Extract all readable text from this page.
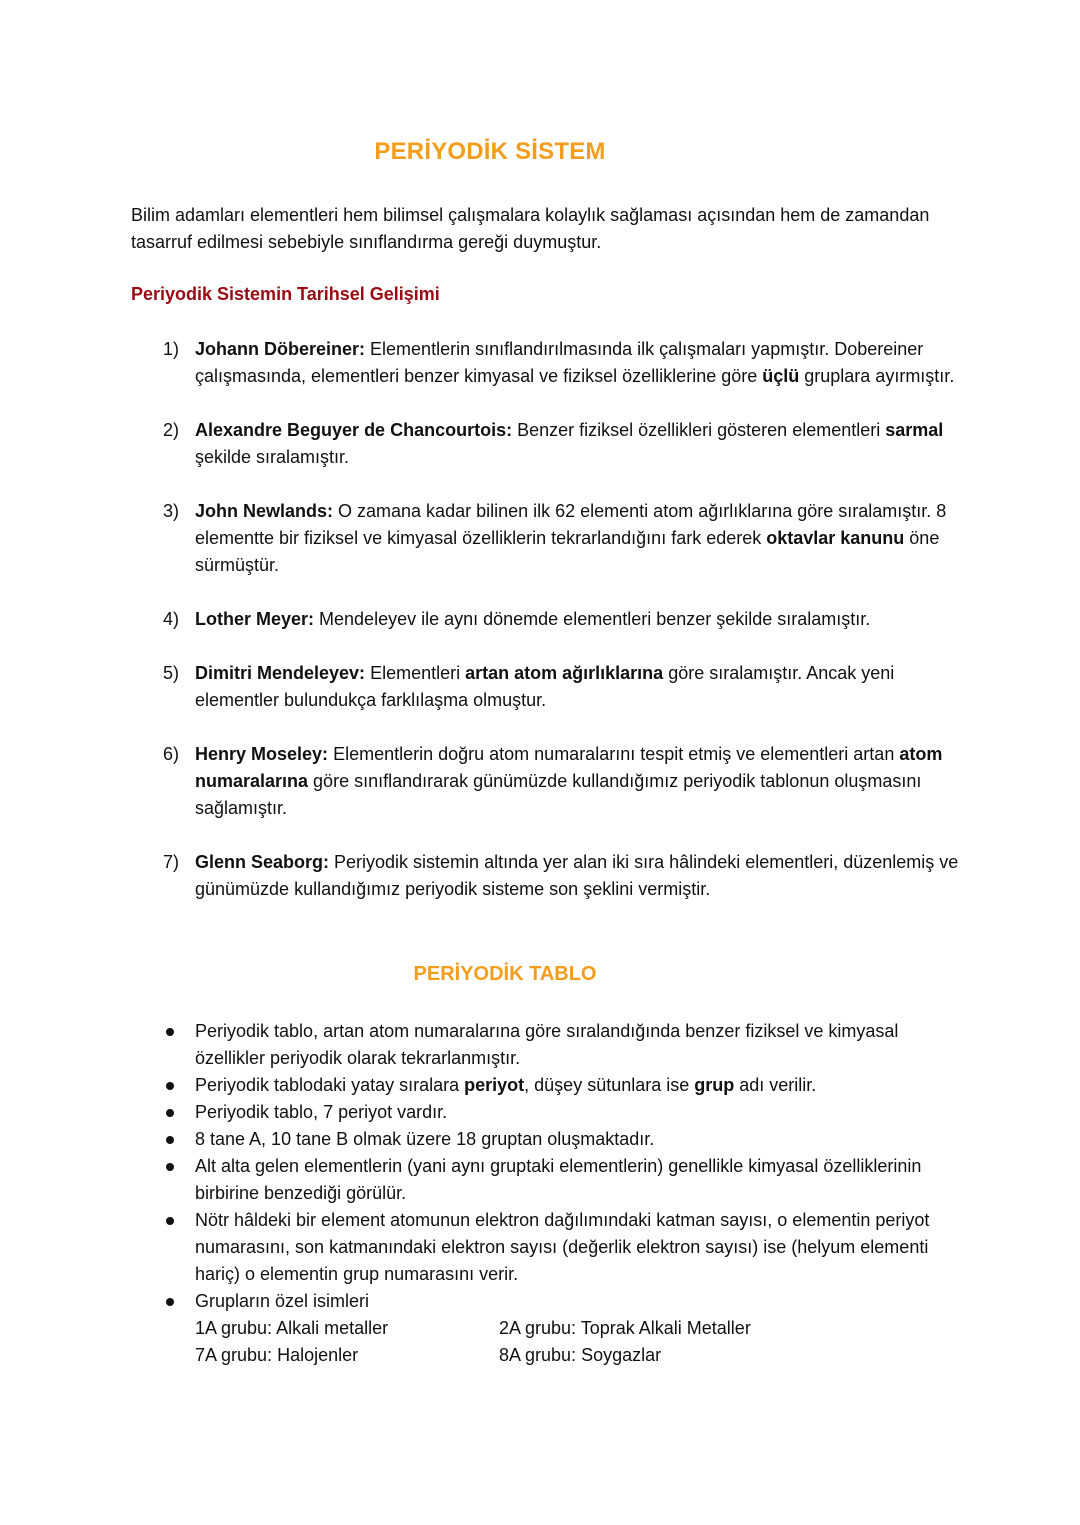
PERİYODİK SİSTEM

Bilim adamları elementleri hem bilimsel çalışmalara kolaylık sağlaması açısından hem de zamandan tasarruf edilmesi sebebiyle sınıflandırma gereği duymuştur.

Periyodik Sistemin Tarihsel Gelişimi
1) Johann Döbereiner: Elementlerin sınıflandırılmasında ilk çalışmaları yapmıştır. Dobereiner çalışmasında, elementleri benzer kimyasal ve fiziksel özelliklerine göre üçlü gruplara ayırmıştır.
2) Alexandre Beguyer de Chancourtois: Benzer fiziksel özellikleri gösteren elementleri sarmal şekilde sıralamıştır.
3) John Newlands: O zamana kadar bilinen ilk 62 elementi atom ağırlıklarına göre sıralamıştır. 8 elementte bir fiziksel ve kimyasal özelliklerin tekrarlandığını fark ederek oktavlar kanunu öne sürmüştür.
4) Lother Meyer: Mendeleyev ile aynı dönemde elementleri benzer şekilde sıralamıştır.
5) Dimitri Mendeleyev: Elementleri artan atom ağırlıklarına göre sıralamıştır. Ancak yeni elementler bulundukça farklılaşma olmuştur.
6) Henry Moseley: Elementlerin doğru atom numaralarını tespit etmiş ve elementleri artan atom numaralarına göre sınıflandırarak günümüzde kullandığımız periyodik tablonun oluşmasını sağlamıştır.
7) Glenn Seaborg: Periyodik sistemin altında yer alan iki sıra hâlindeki elementleri, düzenlemiş ve günümüzde kullandığımız periyodik sisteme son şeklini vermiştir.
PERİYODİK TABLO
Periyodik tablo, artan atom numaralarına göre sıralandığında benzer fiziksel ve kimyasal özellikler periyodik olarak tekrarlanmıştır.
Periyodik tablodaki yatay sıralara periyot, düşey sütunlara ise grup adı verilir.
Periyodik tablo, 7 periyot vardır.
8 tane A, 10 tane B olmak üzere 18 gruptan oluşmaktadır.
Alt alta gelen elementlerin (yani aynı gruptaki elementlerin) genellikle kimyasal özelliklerinin birbirine benzediği görülür.
Nötr hâldeki bir element atomunun elektron dağılımındaki katman sayısı, o elementin periyot numarasını, son katmanındaki elektron sayısı (değerlik elektron sayısı) ise (helyum elementi hariç) o elementin grup numarasını verir.
Grupların özel isimleri
1A grubu: Alkali metaller	2A grubu: Toprak Alkali Metaller
7A grubu: Halojenler	8A grubu: Soygazlar
